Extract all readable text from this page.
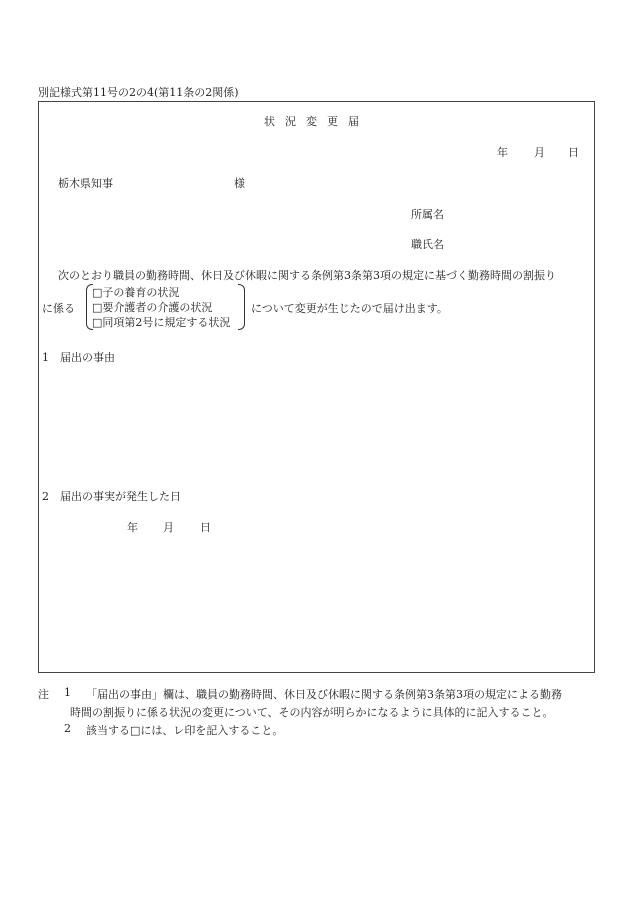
別記様式第11号の2の4(第11条の2関係)
状況変更届
年 月 日
栃木県知事	様
所属名
職氏名
次のとおり職員の勤務時間、休日及び休暇に関する条例第3条第3項の規定に基づく勤務時間の割振り
に係る
□子の養育の状況
□要介護者の介護の状況
□同項第2号に規定する状況
について変更が生じたので届け出ます。
1　届出の事由
2　届出の事実が発生した日
年 月 日
注 1 「届出の事由」欄は、職員の勤務時間、休日及び休暇に関する条例第3条第3項の規定による勤務
時間の割振りに係る状況の変更について、その内容が明らかになるように具体的に記入すること。
2 該当する□には、レ印を記入すること。
